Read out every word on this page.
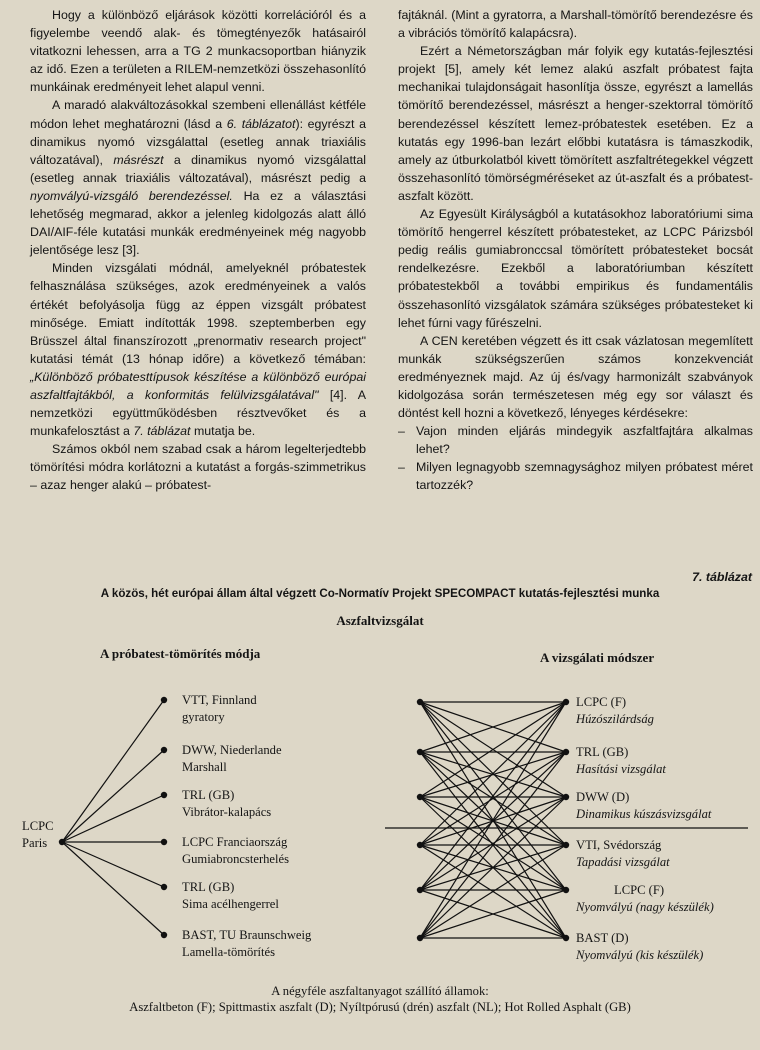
Hogy a különböző eljárások közötti korrelációról és a figyelembe veendő alak- és tömegtényezők hatásairól vitatkozni lehessen, arra a TG 2 munkacsoportban hiányzik az idő. Ezen a területen a RILEM-nemzetközi összehasonlító munkáinak eredményeit lehet alapul venni.

A maradó alakváltozásokkal szembeni ellenállást kétféle módon lehet meghatározni (lásd a 6. táblázatot): egyrészt a dinamikus nyomó vizsgálattal (esetleg annak triaxiális változatával), másrészt a dinamikus nyomó vizsgálattal (esetleg annak triaxiális változatával), másrészt pedig a nyomvályú-vizsgáló berendezéssel. Ha ez a választási lehetőség megmarad, akkor a jelenleg kidolgozás alatt álló DAI/AIF-féle kutatási munkák eredményeinek még nagyobb jelentősége lesz [3].

Minden vizsgálati módnál, amelyeknél próbatestek felhasználása szükséges, azok eredményeinek a valós értékét befolyásolja függ az éppen vizsgált próbatest minősége. Emiatt indították 1998. szeptemberben egy Brüsszel által finanszírozott „prenormativ research project" kutatási témát (13 hónap időre) a következő témában: „Különböző próbatesttípusok készítése a különböző európai aszfaltfajtákból, a konformitás felülvizsgálatával" [4]. A nemzetközi együttműködésben résztvevőket és a munkafelosztást a 7. táblázat mutatja be.

Számos okból nem szabad csak a három legelterjedtebb tömörítési módra korlátozni a kutatást a forgás-szimmetrikus – azaz henger alakú – próbatest-

fajtáknál. (Mint a gyratorra, a Marshall-tömörítő berendezésre és a vibrációs tömörítő kalapácsra).

Ezért a Németországban már folyik egy kutatás-fejlesztési projekt [5], amely két lemez alakú aszfalt próbatest fajta mechanikai tulajdonságait hasonlítja össze, egyrészt a lamellás tömörítő berendezéssel, másrészt a henger-szektorral tömörítő berendezéssel készített lemez-próbatestek esetében. Ez a kutatás egy 1996-ban lezárt előbbi kutatásra is támaszkodik, amely az útburkolatból kivett tömörített aszfaltrétegekkel végzett összehasonlító tömörségméréseket az út-aszfalt és a próbatest-aszfalt között.

Az Egyesült Királyságból a kutatásokhoz laboratóriumi sima tömörítő hengerrel készített próbatesteket, az LCPC Párizsból pedig reális gumiabronccsal tömörített próbatesteket bocsát rendelkezésre. Ezekből a laboratóriumban készített próbatestekből a további empirikus és fundamentális összehasonlító vizsgálatok számára szükséges próbatesteket ki lehet fúrni vagy fűrészelni.

A CEN keretében végzett és itt csak vázlatosan megemlített munkák szükségszerűen számos konzekvenciát eredményeznek majd. Az új és/vagy harmonizált szabványok kidolgozása során természetesen még egy sor választ és döntést kell hozni a következő, lényeges kérdésekre:

– Vajon minden eljárás mindegyik aszfaltfajtára alkalmas lehet?
– Milyen legnagyobb szemnagysághoz milyen próbatest méret tartozzék?
7. táblázat
A közös, hét európai állam által végzett Co-Normatív Projekt SPECOMPACT kutatás-fejlesztési munka
Aszfaltvizsgálat
A próbatest-tömörítés módja	A vizsgálati módszer
LCPC
Paris
VTT, Finnland
gyratory
DWW, Niederlande
Marshall
TRL (GB)
Vibrátor-kalapács
LCPC Franciaország
Gumiabroncsterhelés
TRL (GB)
Sima acélhengerrel
BAST, TU Braunschweig
Lamella-tömörítés
LCPC (F)
Húzószilárdság
TRL (GB)
Hasítási vizsgálat
DWW (D)
Dinamikus kúszásvizsgálat
VTI, Svédország
Tapadási vizsgálat
LCPC (F)
Nyomvályú (nagy készülék)
BAST (D)
Nyomvályú (kis készülék)
A négyféle aszfaltanyagot szállító államok:
Aszfaltbeton (F); Spittmastix aszfalt (D); Nyíltpórusú (drén) aszfalt (NL); Hot Rolled Asphalt (GB)
